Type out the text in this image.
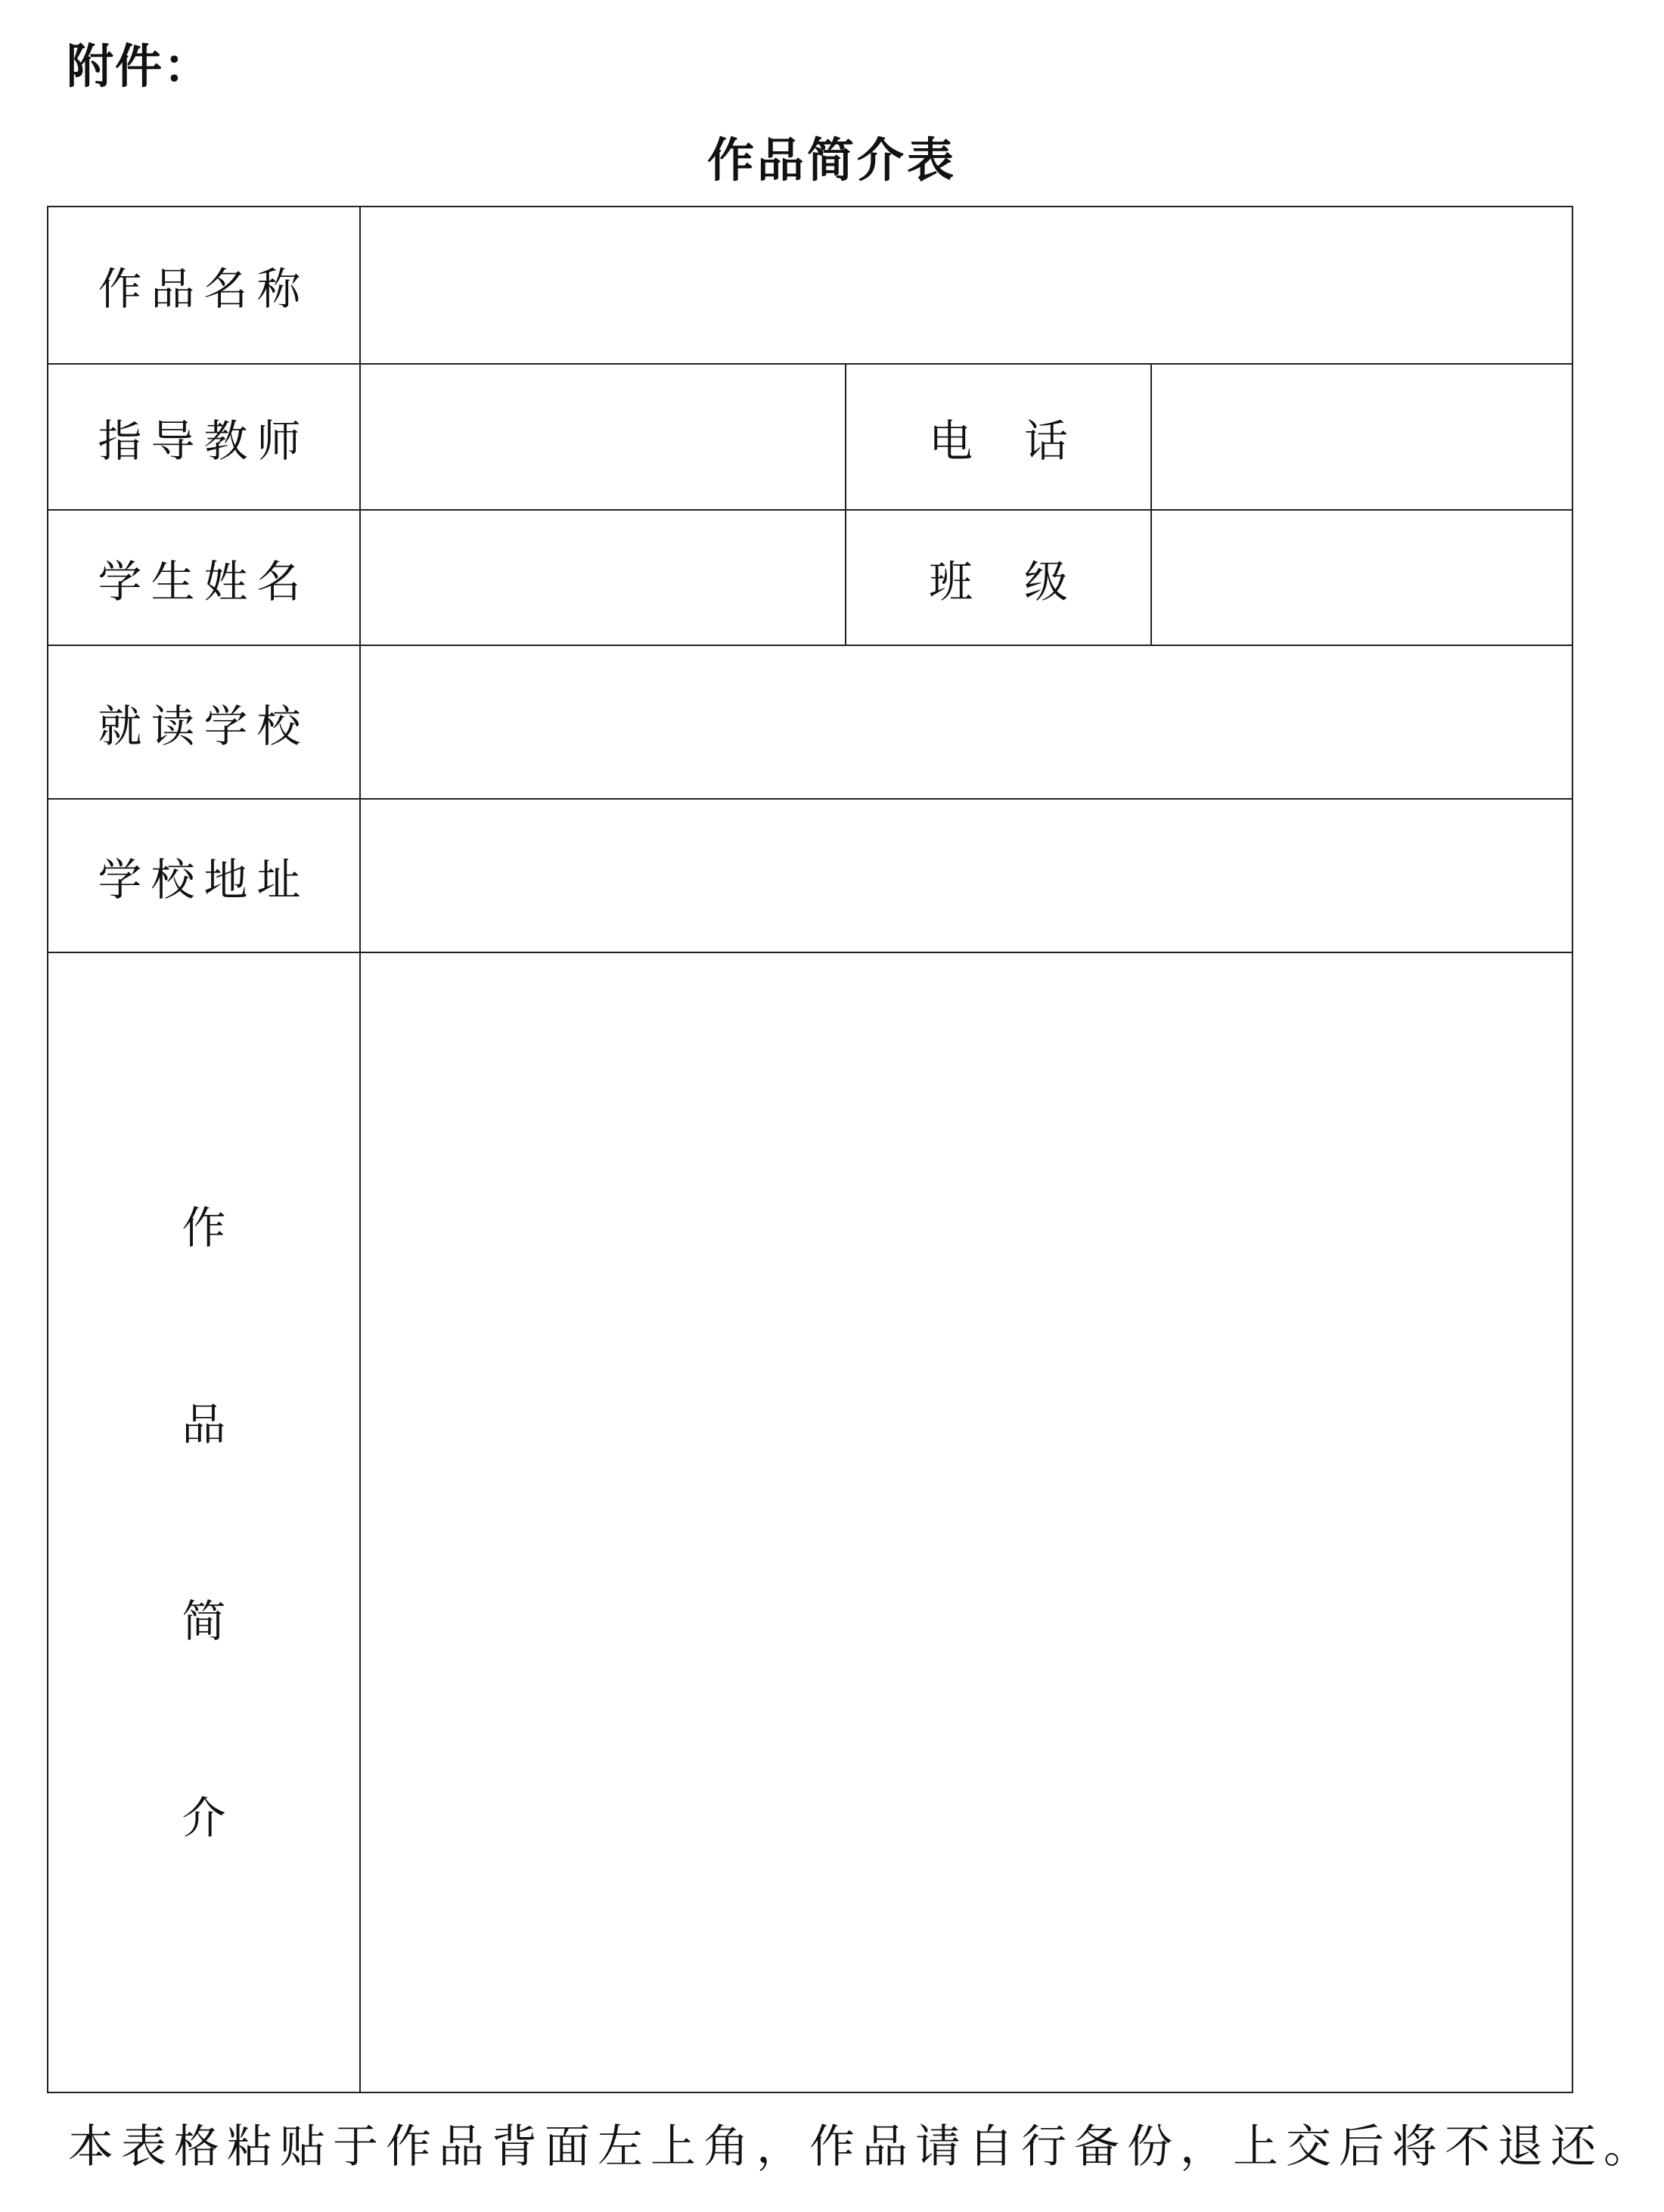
附件：
作品简介表
作品名称			
指导教师		电 话	
学生姓名		班 级	
就读学校			
学校地址			

作
品
简
介			

本表格粘贴于作品背面左上角，作品请自行备份，上交后将不退还。
